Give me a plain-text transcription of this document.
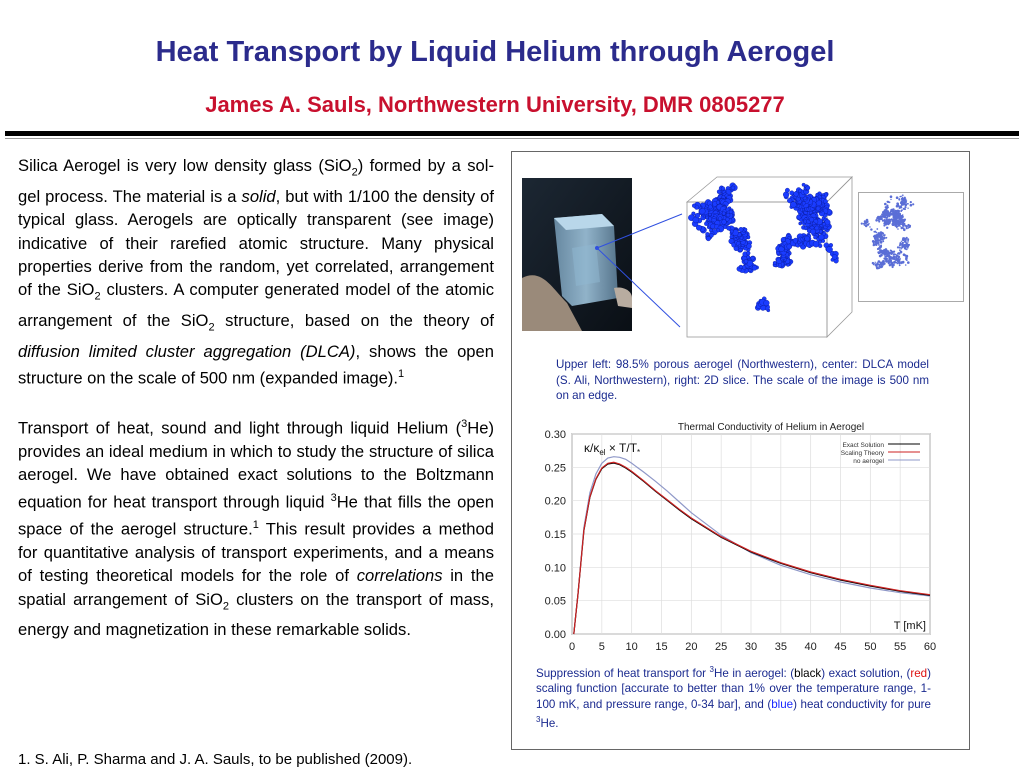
Heat Transport by Liquid Helium through Aerogel
James A. Sauls, Northwestern University, DMR 0805277

Silica Aerogel is very low density glass (SiO$_2$) formed by a sol-gel process. The material is a solid, but with 1/100 the density of typical glass. Aerogels are optically transparent (see image) indicative of their rarefied atomic structure. Many physical properties derive from the random, yet correlated, arrangement of the SiO$_2$ clusters. A computer generated model of the atomic arrangement of the SiO$_2$ structure, based on the theory of diffusion limited cluster aggregation (DLCA), shows the open structure on the scale of 500 nm (expanded image).$^1$

Transport of heat, sound and light through liquid Helium ($^3$He) provides an ideal medium in which to study the structure of silica aerogel. We have obtained exact solutions to the Boltzmann equation for heat transport through liquid $^3$He that fills the open space of the aerogel structure.$^1$ This result provides a method for quantitative analysis of transport experiments, and a means of testing theoretical models for the role of correlations in the spatial arrangement of SiO$_2$ clusters on the transport of mass, energy and magnetization in these remarkable solids.

1. S. Ali, P. Sharma and J. A. Sauls, to be published (2009).
Upper left: 98.5% porous aerogel (Northwestern), center: DLCA model (S. Ali, Northwestern), right: 2D slice. The scale of the image is 500 nm on an edge.
0.00
0.05
0.10
0.15
0.20
0.25
0.30
0 5 10 15 20 25 30 35 40 45 50 55 60
Thermal Conductivity of Helium in Aerogel
$\kappa/\kappa_{el} \times T/T_*$
T [mK]
Exact Solution
Scaling Theory
no aerogel
Suppression of heat transport for $^3$He in aerogel: (black) exact solution, (red) scaling function [accurate to better than 1% over the temperature range, 1-100 mK, and pressure range, 0-34 bar], and (blue) heat conductivity for pure $^3$He.
